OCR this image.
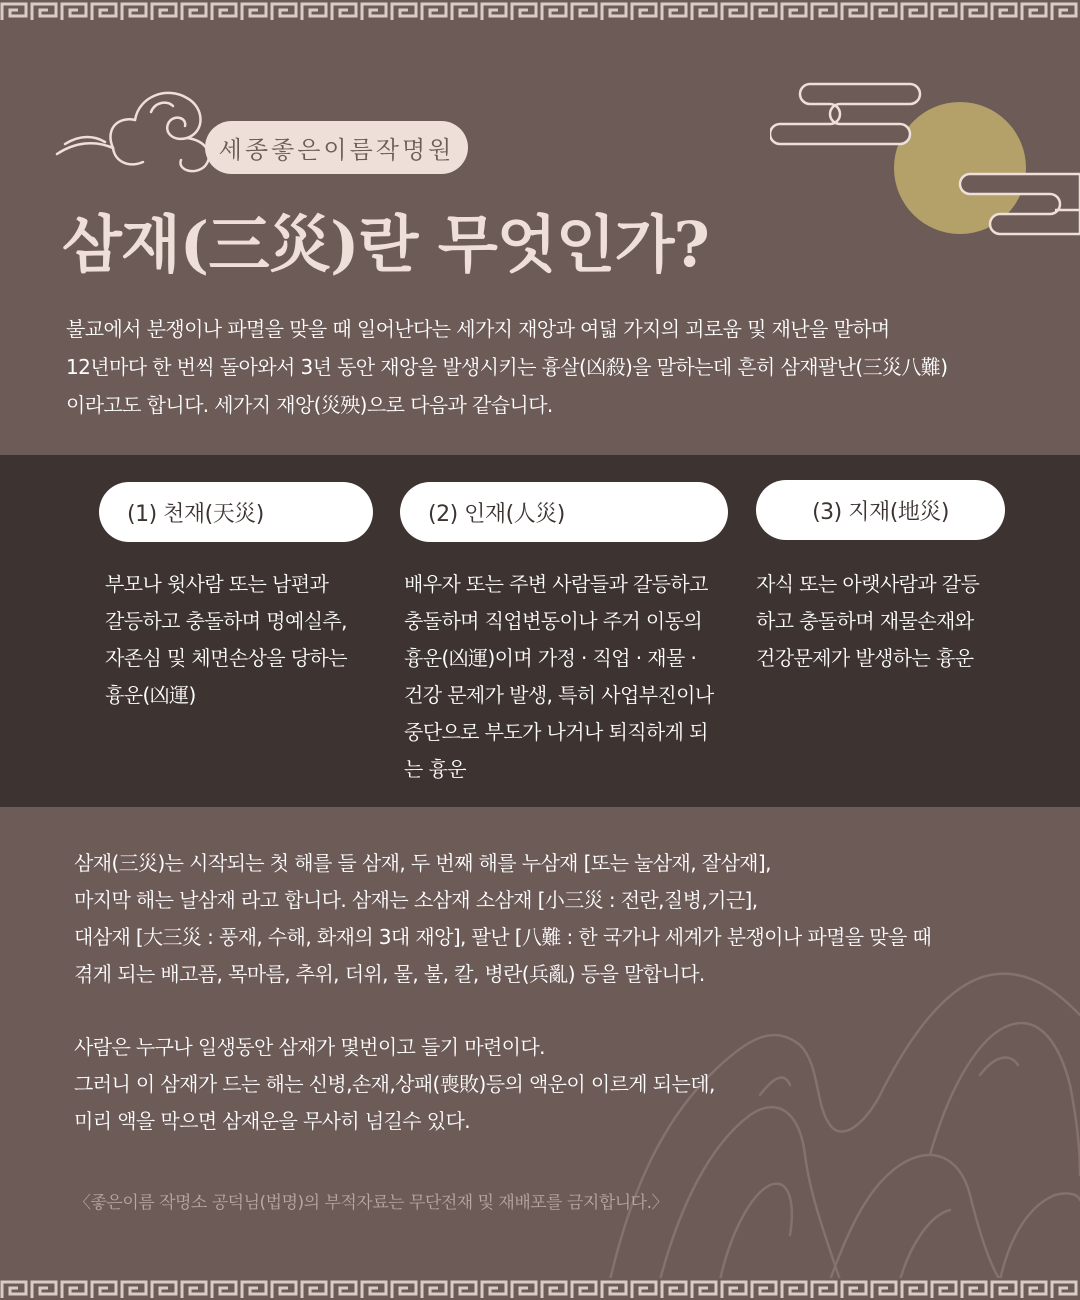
세종좋은이름작명원
삼재(三災)란 무엇인가?
불교에서 분쟁이나 파멸을 맞을 때 일어난다는 세가지 재앙과 여덟 가지의 괴로움 및 재난을 말하며
12년마다 한 번씩 돌아와서 3년 동안 재앙을 발생시키는 흉살(凶殺)을 말하는데 흔히 삼재팔난(三災八難)
이라고도 합니다. 세가지 재앙(災殃)으로 다음과 같습니다.
(1) 천재(天災)
부모나 윗사람 또는 남편과
갈등하고 충돌하며 명예실추,
자존심 및 체면손상을 당하는
흉운(凶運)
(2) 인재(人災)
배우자 또는 주변 사람들과 갈등하고
충돌하며 직업변동이나 주거 이동의
흉운(凶運)이며 가정 · 직업 · 재물 ·
건강 문제가 발생, 특히 사업부진이나
중단으로 부도가 나거나 퇴직하게 되
는 흉운
(3) 지재(地災)
자식 또는 아랫사람과 갈등
하고 충돌하며 재물손재와
건강문제가 발생하는 흉운
삼재(三災)는 시작되는 첫 해를 들 삼재, 두 번째 해를 누삼재 [또는 눌삼재, 잘삼재],
마지막 해는 날삼재 라고 합니다. 삼재는 소삼재 소삼재 [小三災 : 전란,질병,기근],
대삼재 [大三災 : 풍재, 수해, 화재의 3대 재앙], 팔난 [八難 : 한 국가나 세계가 분쟁이나 파멸을 맞을 때
겪게 되는 배고픔, 목마름, 추위, 더위, 물, 불, 칼, 병란(兵亂) 등을 말합니다.
사람은 누구나 일생동안 삼재가 몇번이고 들기 마련이다.
그러니 이 삼재가 드는 해는 신병,손재,상패(喪敗)등의 액운이 이르게 되는데,
미리 액을 막으면 삼재운을 무사히 넘길수 있다.
〈좋은이름 작명소 공덕님(법명)의 부적자료는 무단전재 및 재배포를 금지합니다.〉
